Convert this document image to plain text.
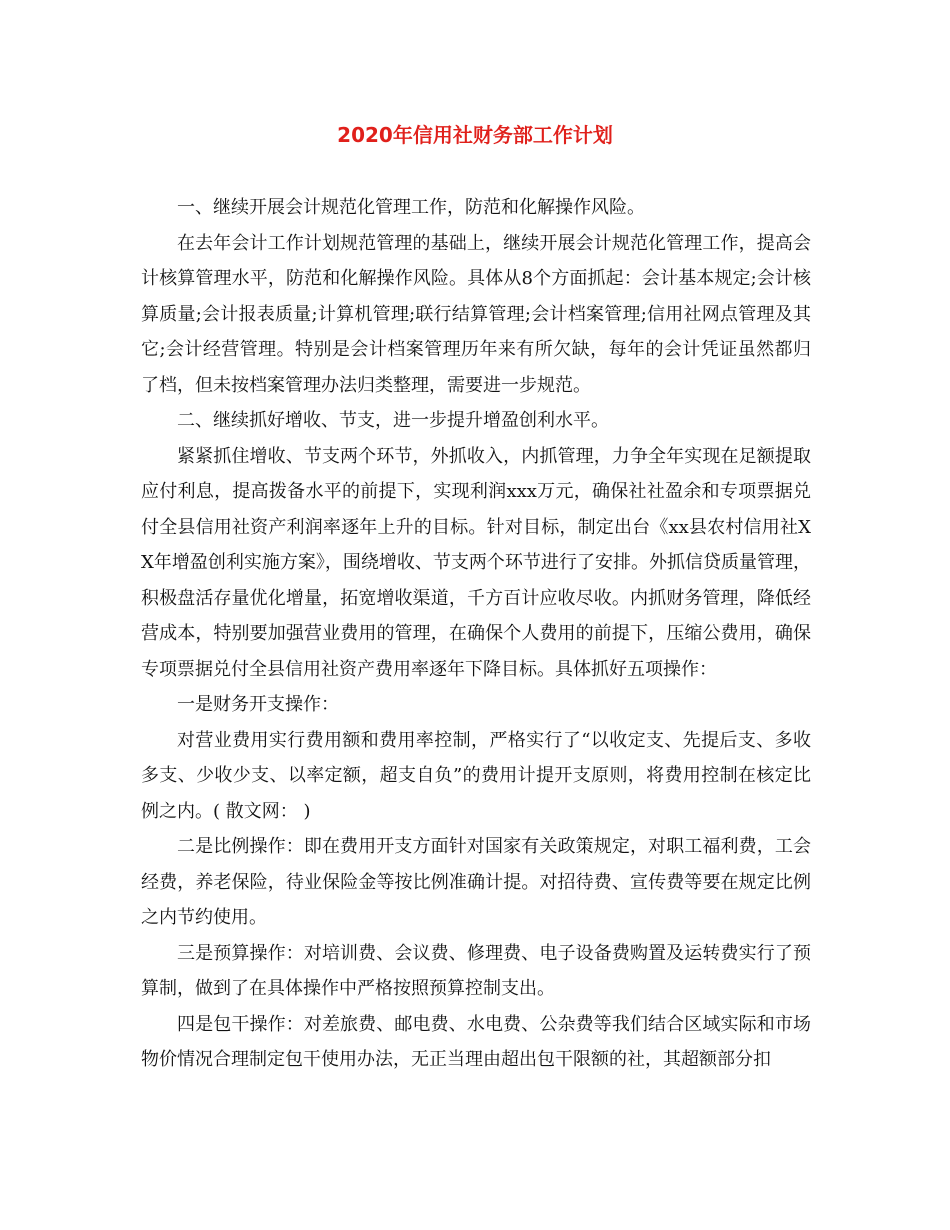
2020年信用社财务部工作计划

一、继续开展会计规范化管理工作，防范和化解操作风险。

在去年会计工作计划规范管理的基础上，继续开展会计规范化管理工作，提高会计核算管理水平，防范和化解操作风险。具体从8个方面抓起：会计基本规定;会计核算质量;会计报表质量;计算机管理;联行结算管理;会计档案管理;信用社网点管理及其它;会计经营管理。特别是会计档案管理历年来有所欠缺，每年的会计凭证虽然都归了档，但未按档案管理办法归类整理，需要进一步规范。

二、继续抓好增收、节支，进一步提升增盈创利水平。

紧紧抓住增收、节支两个环节，外抓收入，内抓管理，力争全年实现在足额提取应付利息，提高拨备水平的前提下，实现利润xxx万元，确保社社盈余和专项票据兑付全县信用社资产利润率逐年上升的目标。针对目标，制定出台《xx县农村信用社XX年增盈创利实施方案》，围绕增收、节支两个环节进行了安排。外抓信贷质量管理，积极盘活存量优化增量，拓宽增收渠道，千方百计应收尽收。内抓财务管理，降低经营成本，特别要加强营业费用的管理，在确保个人费用的前提下，压缩公费用，确保专项票据兑付全县信用社资产费用率逐年下降目标。具体抓好五项操作：

一是财务开支操作：

对营业费用实行费用额和费用率控制，严格实行了“以收定支、先提后支、多收多支、少收少支、以率定额，超支自负”的费用计提开支原则，将费用控制在核定比例之内。( 散文网： )

二是比例操作：即在费用开支方面针对国家有关政策规定，对职工福利费，工会经费，养老保险，待业保险金等按比例准确计提。对招待费、宣传费等要在规定比例之内节约使用。

三是预算操作：对培训费、会议费、修理费、电子设备费购置及运转费实行了预算制，做到了在具体操作中严格按照预算控制支出。

四是包干操作：对差旅费、邮电费、水电费、公杂费等我们结合区域实际和市场物价情况合理制定包干使用办法，无正当理由超出包干限额的社，其超额部分扣
